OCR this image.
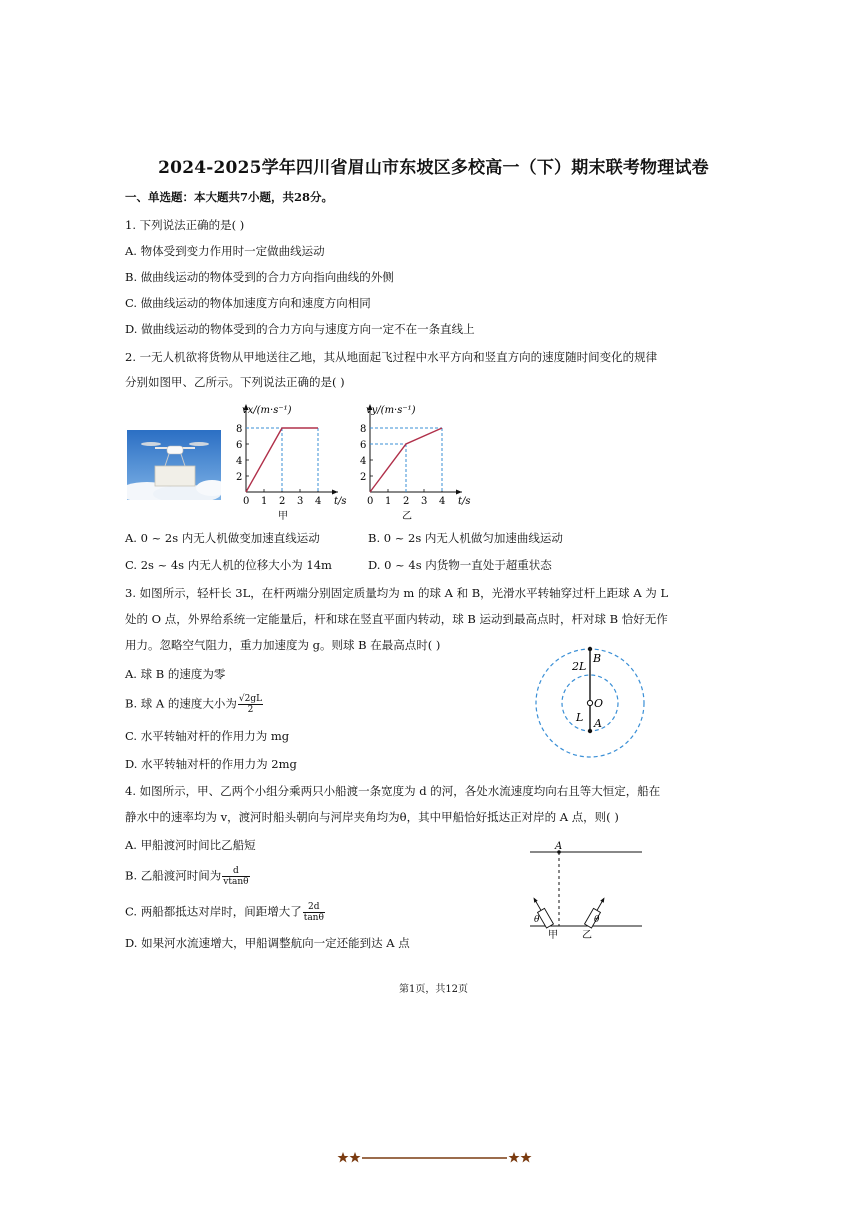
2024-2025学年四川省眉山市东坡区多校高一（下）期末联考物理试卷
一、单选题：本大题共7小题，共28分。
1. 下列说法正确的是( )
A. 物体受到变力作用时一定做曲线运动
B. 做曲线运动的物体受到的合力方向指向曲线的外侧
C. 做曲线运动的物体加速度方向和速度方向相同
D. 做曲线运动的物体受到的合力方向与速度方向一定不在一条直线上
2. 一无人机欲将货物从甲地送往乙地，其从地面起飞过程中水平方向和竖直方向的速度随时间变化的规律
分别如图甲、乙所示。下列说法正确的是( )
2
4
6
8
0 1 2 3 4
vx/(m·s⁻¹)
t/s
甲
2
4
6
8
0 1 2 3 4
vy/(m·s⁻¹)
t/s
乙
A. 0 ~ 2s 内无人机做变加速直线运动	B. 0 ~ 2s 内无人机做匀加速曲线运动
C. 2s ~ 4s 内无人机的位移大小为 14m	D. 0 ~ 4s 内货物一直处于超重状态
3. 如图所示，轻杆长 3L，在杆两端分别固定质量均为 m 的球 A 和 B，光滑水平转轴穿过杆上距球 A 为 L
处的 O 点，外界给系统一定能量后，杆和球在竖直平面内转动，球 B 运动到最高点时，杆对球 B 恰好无作
用力。忽略空气阻力，重力加速度为 g。则球 B 在最高点时( )
A. 球 B 的速度为零
B. 球 A 的速度大小为 $\frac{√2gL}{2}$
C. 水平转轴对杆的作用力为 mg
D. 水平转轴对杆的作用力为 2mg
2L
B
O
L A
4. 如图所示，甲、乙两个小组分乘两只小船渡一条宽度为 d 的河，各处水流速度均向右且等大恒定，船在
静水中的速率均为 v，渡河时船头朝向与河岸夹角均为θ，其中甲船恰好抵达正对岸的 A 点，则( )
A. 甲船渡河时间比乙船短
B. 乙船渡河时间为 $\frac{d}{vtan\theta}$
C. 两船都抵达对岸时，间距增大了 $\frac{2d}{\tan\theta}$
D. 如果河水流速增大，甲船调整航向一定还能到达 A 点
A
θ	θ
甲 乙
第1页，共12页
